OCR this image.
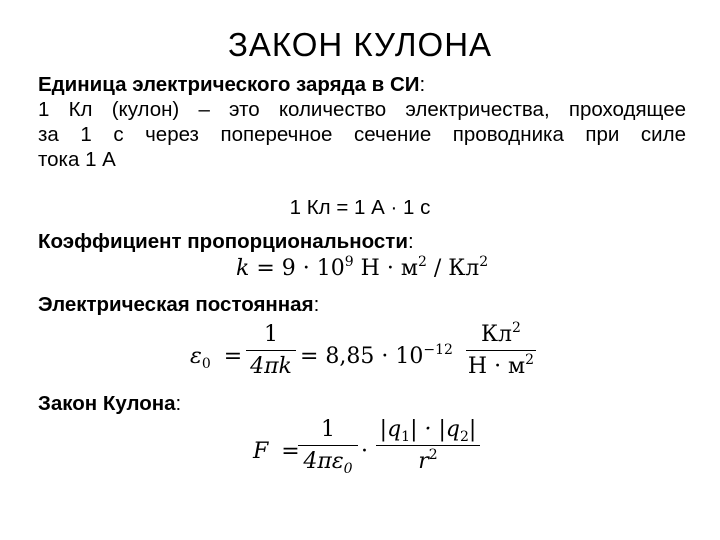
ЗАКОН КУЛОНА
Единица электрического заряда в СИ:
1 Кл (кулон) – это количество электричества, проходящее
за 1 с через поперечное сечение проводника при силе
тока 1 А
1 Кл = 1 А · 1 с
Коэффициент пропорциональности:
$k = 9 \cdot 10^9$ $Н \cdot м^2 / Кл^2$
Электрическая постоянная:
$\varepsilon_0$ =
1
$4\pi k = 8,85 \cdot 10^{-12}$
$Кл^2$
$Н \cdot м^2$
Закон Кулона:
F =
1
$4\pi\varepsilon_0$
·
$|q_1| \cdot |q_2|$
$r^2$
